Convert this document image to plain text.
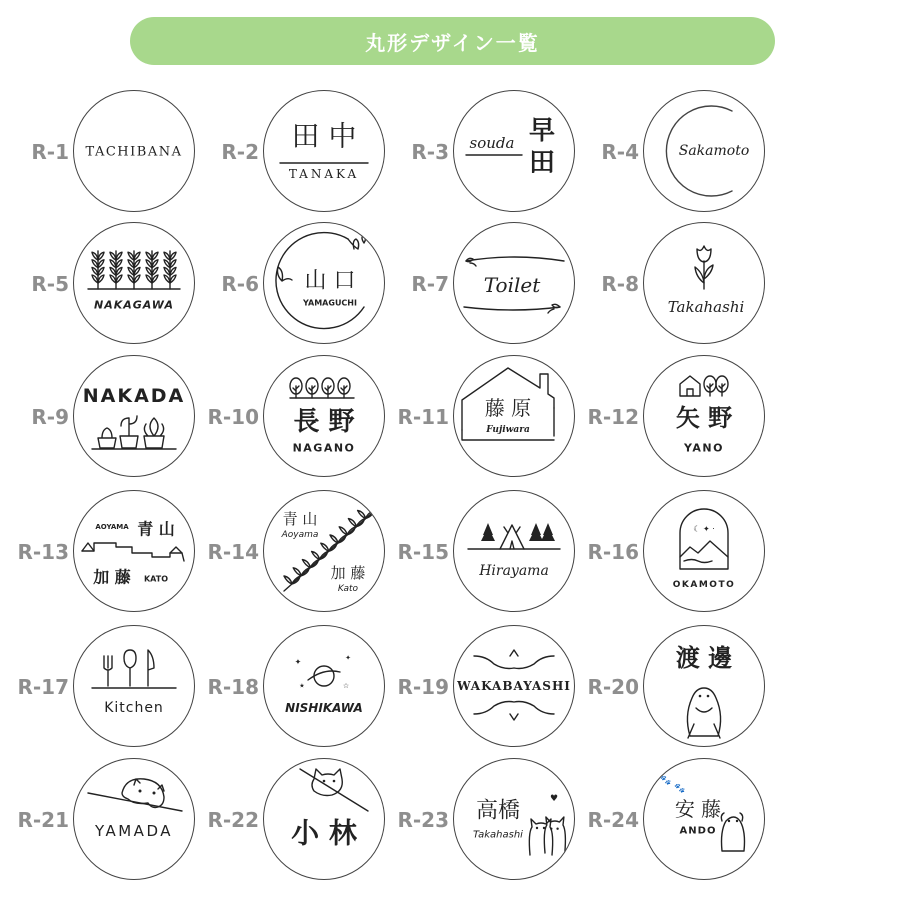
丸形デザイン一覧
R-1 TACHIBANA R-2 田 中
TANAKA
R-3 souda 早
田 R-4	Sakamoto
R-5
NAKAGAWA
R-6 山 口
YAMAGUCHI
R-7 Toilet	R-8
Takahashi
R-9
NAKADA
R-10 長 野
NAGANO
R-11 藤 原
Fujiwara
R-12 矢 野
YANO
R-13
AOYAMA 青 山
加 藤 KATO
R-14
青 山
Aoyama
加 藤
Kato
R-15
Hirayama
R-16
☾ ✦ ·
OKAMOTO
R-17
Kitchen
R-18
✦	✦
★	☆
NISHIKAWA
R-19 WAKABAYASHI R-20
渡 邊
R-21 YAMADA R-22 小 林 R-23 高橋
Takahashi
♥
R-24
🐾
🐾
安 藤
ANDO
